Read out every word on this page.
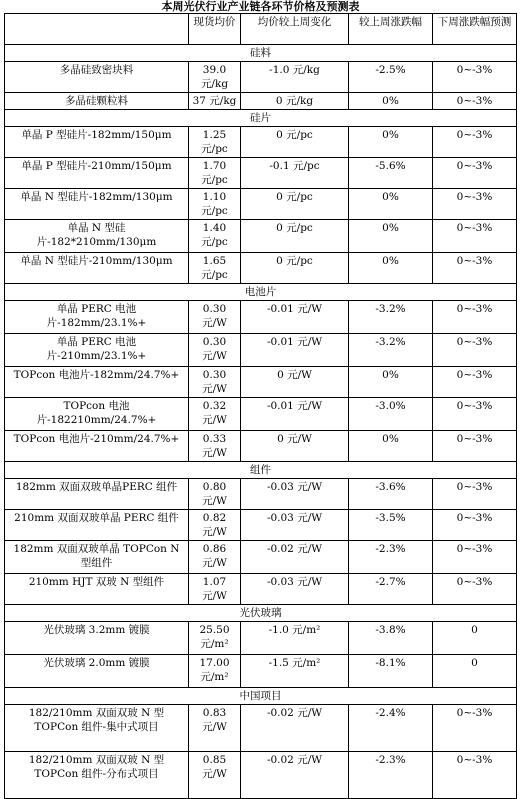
本周光伏行业产业链各环节价格及预测表
	现货均价	均价较上周变化	较上周涨跌幅	下周涨跌幅预测
硅料				
多晶硅致密块料	39.0 元/kg	-1.0 元/kg	-2.5%	0~-3%
多晶硅颗粒料	37 元/kg	0 元/kg	0%	0~-3%
硅片				
单晶 P 型硅片-182mm/150μm	1.25 元/pc	0 元/pc	0%	0~-3%
单晶 P 型硅片-210mm/150μm	1.70 元/pc	-0.1 元/pc	-5.6%	0~-3%
单晶 N 型硅片-182mm/130μm	1.10 元/pc	0 元/pc	0%	0~-3%
单晶 N 型硅片-182*210mm/130μm	1.40 元/pc	0 元/pc	0%	0~-3%
单晶 N 型硅片-210mm/130μm	1.65 元/pc	0 元/pc	0%	0~-3%
电池片				
单晶 PERC 电池片-182mm/23.1%+	0.30 元/W	-0.01 元/W	-3.2%	0~-3%
单晶 PERC 电池片-210mm/23.1%+	0.30 元/W	-0.01 元/W	-3.2%	0~-3%
TOPcon 电池片-182mm/24.7%+	0.30 元/W	0 元/W	0%	0~-3%
TOPcon 电池片-182210mm/24.7%+	0.32 元/W	-0.01 元/W	-3.0%	0~-3%
TOPcon 电池片-210mm/24.7%+	0.33 元/W	0 元/W	0%	0~-3%
组件				
182mm 双面双玻单晶PERC 组件	0.80 元/W	-0.03 元/W	-3.6%	0~-3%
210mm 双面双玻单晶 PERC 组件	0.82 元/W	-0.03 元/W	-3.5%	0~-3%
182mm 双面双玻单晶 TOPCon N 型组件	0.86 元/W	-0.02 元/W	-2.3%	0~-3%
210mm HJT 双玻 N 型组件	1.07 元/W	-0.03 元/W	-2.7%	0~-3%
光伏玻璃				
光伏玻璃 3.2mm 镀膜	25.50 元/m²	-1.0 元/m²	-3.8%	0
光伏玻璃 2.0mm 镀膜	17.00 元/m²	-1.5 元/m²	-8.1%	0
中国项目				
182/210mm 双面双玻 N 型 TOPCon 组件-集中式项目	0.83 元/W	-0.02 元/W	-2.4%	0~-3%
182/210mm 双面双玻 N 型 TOPCon 组件-分布式项目	0.85 元/W	-0.02 元/W	-2.3%	0~-3%
